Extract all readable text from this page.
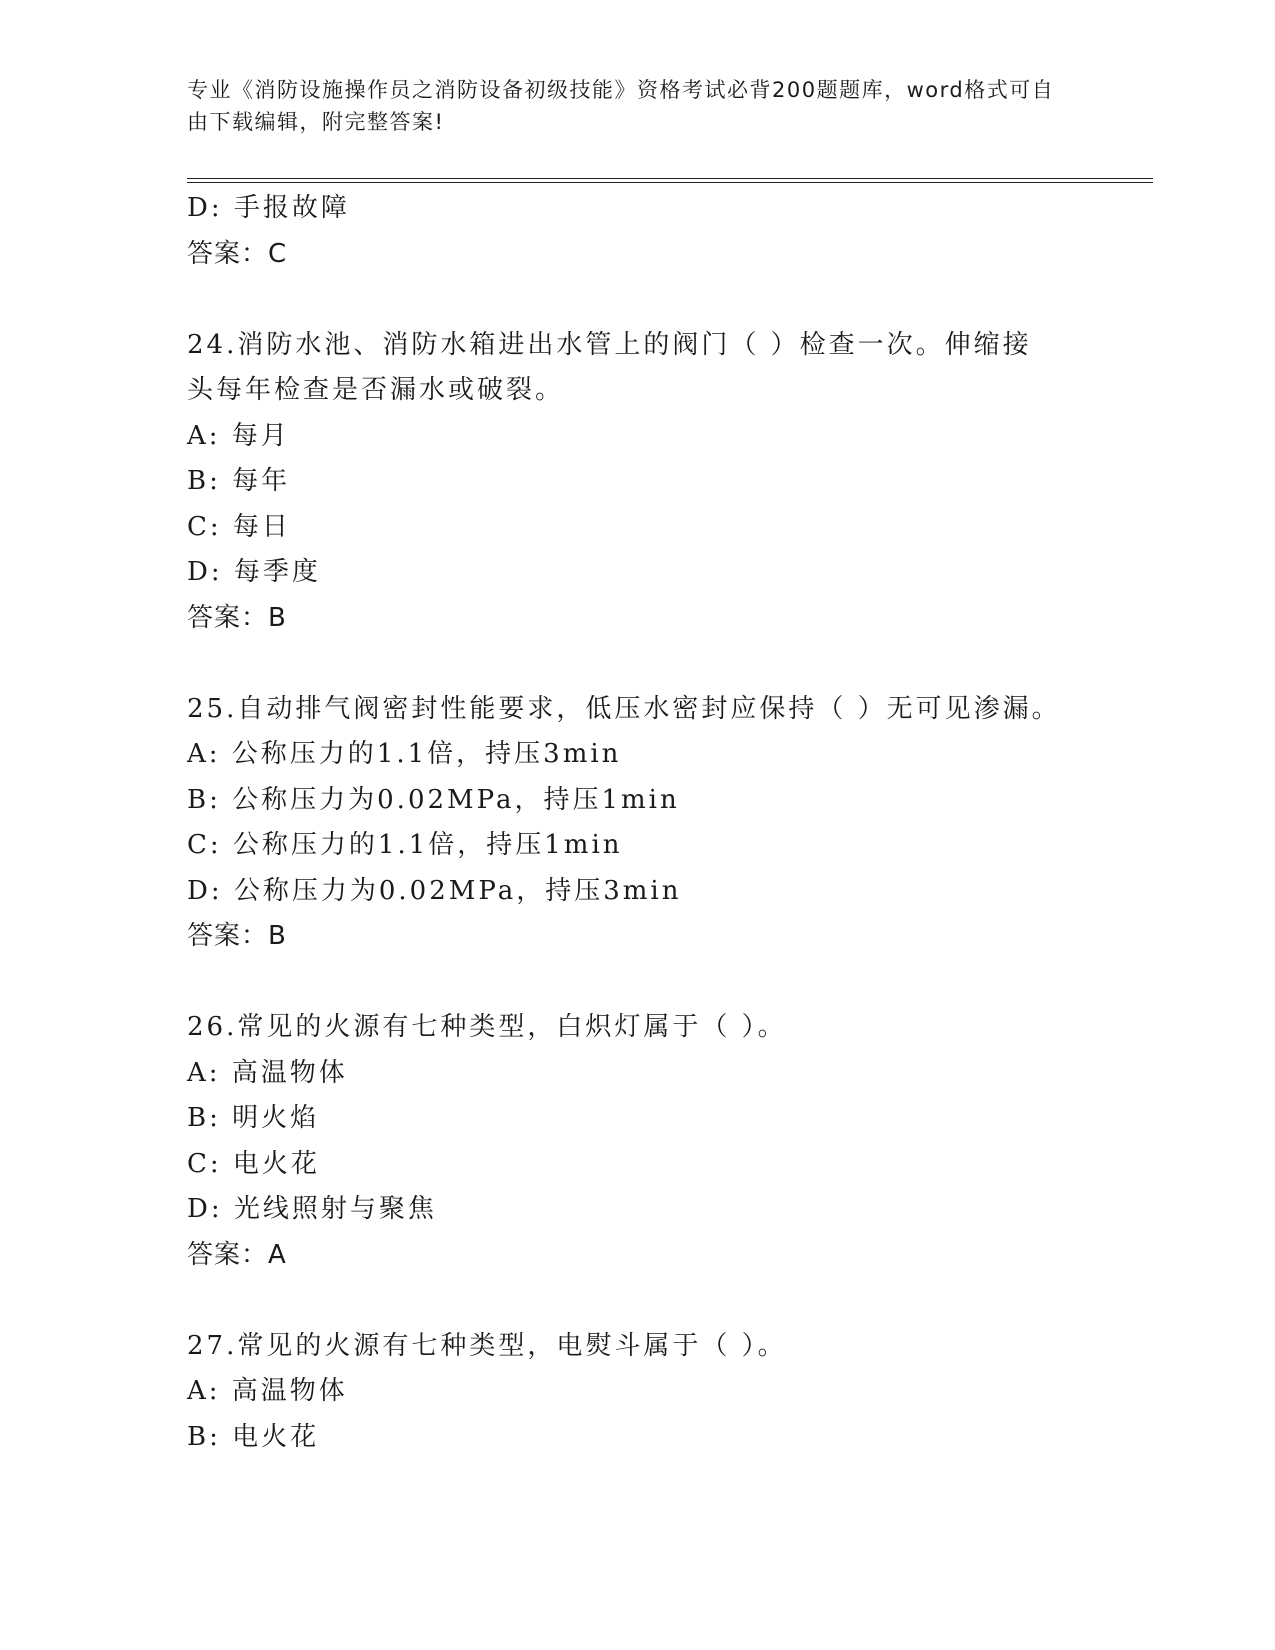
专业《消防设施操作员之消防设备初级技能》资格考试必背200题题库，word格式可自由下载编辑，附完整答案!
D: 手报故障
答案：C
24.消防水池、消防水箱进出水管上的阀门（ ）检查一次。伸缩接头每年检查是否漏水或破裂。
A: 每月
B: 每年
C: 每日
D: 每季度
答案：B
25.自动排气阀密封性能要求，低压水密封应保持（ ）无可见渗漏。
A: 公称压力的1.1倍，持压3min
B: 公称压力为0.02MPa，持压1min
C: 公称压力的1.1倍，持压1min
D: 公称压力为0.02MPa，持压3min
答案：B
26.常见的火源有七种类型，白炽灯属于（ ）。
A: 高温物体
B: 明火焰
C: 电火花
D: 光线照射与聚焦
答案：A
27.常见的火源有七种类型，电熨斗属于（ ）。
A: 高温物体
B: 电火花
